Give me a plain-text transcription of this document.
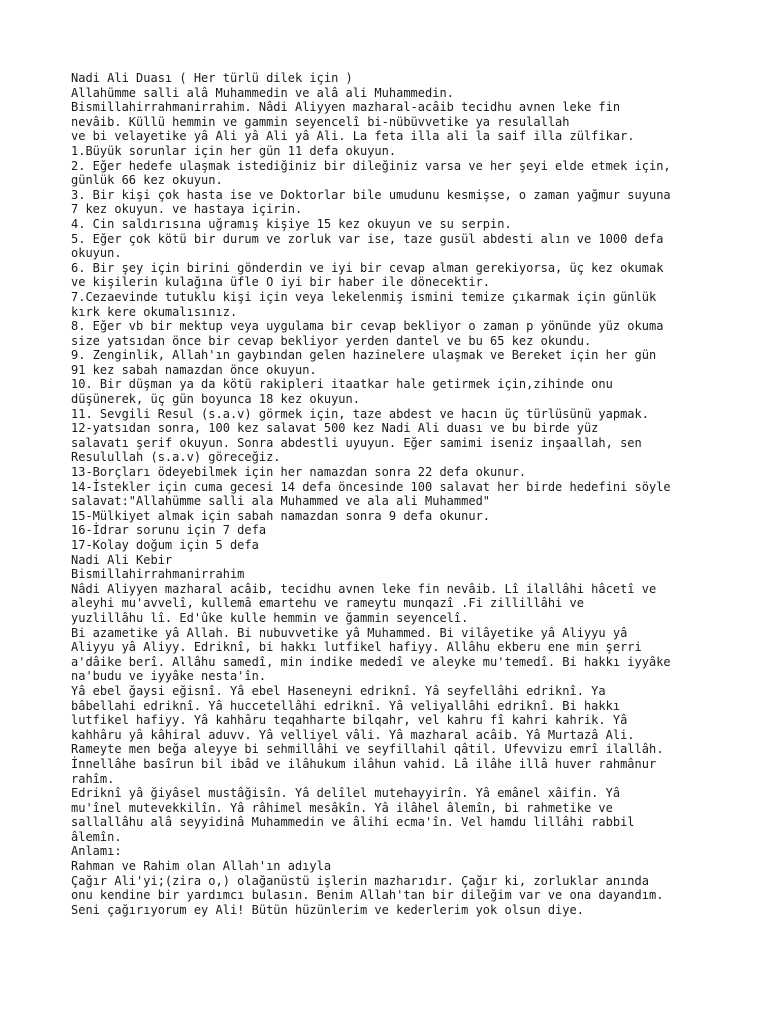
Nadi Ali Duası ( Her türlü dilek için )
Allahümme salli alâ Muhammedin ve alâ ali Muhammedin.
Bismillahirrahmanirrahim. Nâdi Aliyyen mazharal-acâib tecidhu avnen leke fin
nevâib. Küllü hemmin ve gammin seyencelî bi-nübüvvetike ya resulallah
ve bi velayetike yâ Ali yâ Ali yâ Ali. La feta illa ali la saif illa zülfikar.
1.Büyük sorunlar için her gün 11 defa okuyun.
2. Eğer hedefe ulaşmak istediğiniz bir dileğiniz varsa ve her şeyi elde etmek için,
günlük 66 kez okuyun.
3. Bir kişi çok hasta ise ve Doktorlar bile umudunu kesmişse, o zaman yağmur suyuna
7 kez okuyun. ve hastaya içirin.
4. Cin saldırısına uğramış kişiye 15 kez okuyun ve su serpin.
5. Eğer çok kötü bir durum ve zorluk var ise, taze gusül abdesti alın ve 1000 defa
okuyun.
6. Bir şey için birini gönderdin ve iyi bir cevap alman gerekiyorsa, üç kez okumak
ve kişilerin kulağına üfle O iyi bir haber ile dönecektir.
7.Cezaevinde tutuklu kişi için veya lekelenmiş ismini temize çıkarmak için günlük
kırk kere okumalısınız.
8. Eğer vb bir mektup veya uygulama bir cevap bekliyor o zaman p yönünde yüz okuma
size yatsıdan önce bir cevap bekliyor yerden dantel ve bu 65 kez okundu.
9. Zenginlik, Allah'ın gaybından gelen hazinelere ulaşmak ve Bereket için her gün
91 kez sabah namazdan önce okuyun.
10. Bir düşman ya da kötü rakipleri itaatkar hale getirmek için,zihinde onu
düşünerek, üç gün boyunca 18 kez okuyun.
11. Sevgili Resul (s.a.v) görmek için, taze abdest ve hacın üç türlüsünü yapmak.
12-yatsıdan sonra, 100 kez salavat 500 kez Nadi Ali duası ve bu birde yüz
salavatı şerif okuyun. Sonra abdestli uyuyun. Eğer samimi iseniz inşaallah, sen
Resulullah (s.a.v) göreceğiz.
13-Borçları ödeyebilmek için her namazdan sonra 22 defa okunur.
14-İstekler için cuma gecesi 14 defa öncesinde 100 salavat her birde hedefini söyle
salavat:"Allahümme salli ala Muhammed ve ala ali Muhammed"
15-Mülkiyet almak için sabah namazdan sonra 9 defa okunur.
16-İdrar sorunu için 7 defa
17-Kolay doğum için 5 defa
Nadi Ali Kebir
Bismillahirrahmanirrahim
Nâdi Aliyyen mazharal acâib, tecidhu avnen leke fin nevâib. Lî ilallâhi hâcetî ve
aleyhi mu'avvelî, kullemâ emartehu ve rameytu munqazî .Fi zillillâhi ve
yuzlillâhu lî. Ed'ûke kulle hemmin ve ğammin seyencelî.
Bi azametike yâ Allah. Bi nubuvvetike yâ Muhammed. Bi vilâyetike yâ Aliyyu yâ
Aliyyu yâ Aliyy. Edriknî, bi hakkı lutfikel hafiyy. Allâhu ekberu ene min şerri
a'dâike berî. Allâhu samedî, min indike mededî ve aleyke mu'temedî. Bi hakkı iyyâke
na'budu ve iyyâke nesta'în.
Yâ ebel ğaysi eğisnî. Yâ ebel Haseneyni edriknî. Yâ seyfellâhi edriknî. Ya
bâbellahi edriknî. Yâ huccetellâhi edriknî. Yâ veliyallâhi edriknî. Bi hakkı
lutfikel hafiyy. Yâ kahhâru teqahharte bilqahr, vel kahru fî kahri kahrik. Yâ
kahhâru yâ kâhiral aduvv. Yâ velliyel vâli. Yâ mazharal acâib. Yâ Murtazâ Ali.
Rameyte men beğa aleyye bi sehmillâhi ve seyfillahil qâtil. Ufevvizu emrî ilallâh.
İnnellâhe basîrun bil ibâd ve ilâhukum ilâhun vahid. Lâ ilâhe illâ huver rahmânur
rahîm.
Edriknî yâ ğiyâsel mustâğisîn. Yâ delîlel mutehayyirîn. Yâ emânel xâifin. Yâ
mu'înel mutevekkilîn. Yâ râhimel mesâkîn. Yâ ilâhel âlemîn, bi rahmetike ve
sallallâhu alâ seyyidinâ Muhammedin ve âlihi ecma'în. Vel hamdu lillâhi rabbil
âlemîn.
Anlamı:
Rahman ve Rahim olan Allah'ın adıyla
Çağır Ali'yi;(zira o,) olağanüstü işlerin mazharıdır. Çağır ki, zorluklar anında
onu kendine bir yardımcı bulasın. Benim Allah'tan bir dileğim var ve ona dayandım.
Seni çağırıyorum ey Ali! Bütün hüzünlerim ve kederlerim yok olsun diye.
